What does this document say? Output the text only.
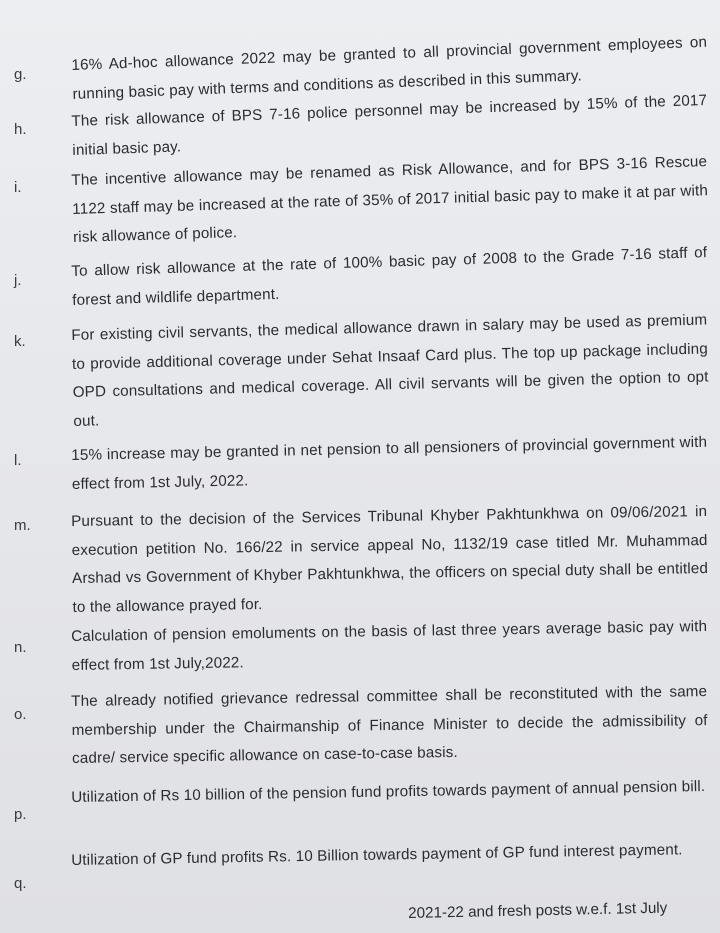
g.
16% Ad-hoc allowance 2022 may be granted to all provincial government employees on running basic pay with terms and conditions as described in this summary.
h.	The risk allowance of BPS 7-16 police personnel may be increased by 15% of the 2017 initial basic pay.
i.	The incentive allowance may be renamed as Risk Allowance, and for BPS 3-16 Rescue 1122 staff may be increased at the rate of 35% of 2017 initial basic pay to make it at par with risk allowance of police.
j.
To allow risk allowance at the rate of 100% basic pay of 2008 to the Grade 7-16 staff of forest and wildlife department.
k.	For existing civil servants, the medical allowance drawn in salary may be used as premium to provide additional coverage under Sehat Insaaf Card plus. The top up package including OPD consultations and medical coverage. All civil servants will be given the option to opt out.
l.	15% increase may be granted in net pension to all pensioners of provincial government with effect from 1st July, 2022.
m.	Pursuant to the decision of the Services Tribunal Khyber Pakhtunkhwa on 09/06/2021 in execution petition No. 166/22 in service appeal No, 1132/19 case titled Mr. Muhammad Arshad vs Government of Khyber Pakhtunkhwa, the officers on special duty shall be entitled to the allowance prayed for.
n.
Calculation of pension emoluments on the basis of last three years average basic pay with effect from 1st July,2022.
o.
The already notified grievance redressal committee shall be reconstituted with the same membership under the Chairmanship of Finance Minister to decide the admissibility of cadre/ service specific allowance on case-to-case basis.
p.
Utilization of Rs 10 billion of the pension fund profits towards payment of annual pension bill.
q.
Utilization of GP fund profits Rs. 10 Billion towards payment of GP fund interest payment.
2021-22 and fresh posts w.e.f. 1st July
